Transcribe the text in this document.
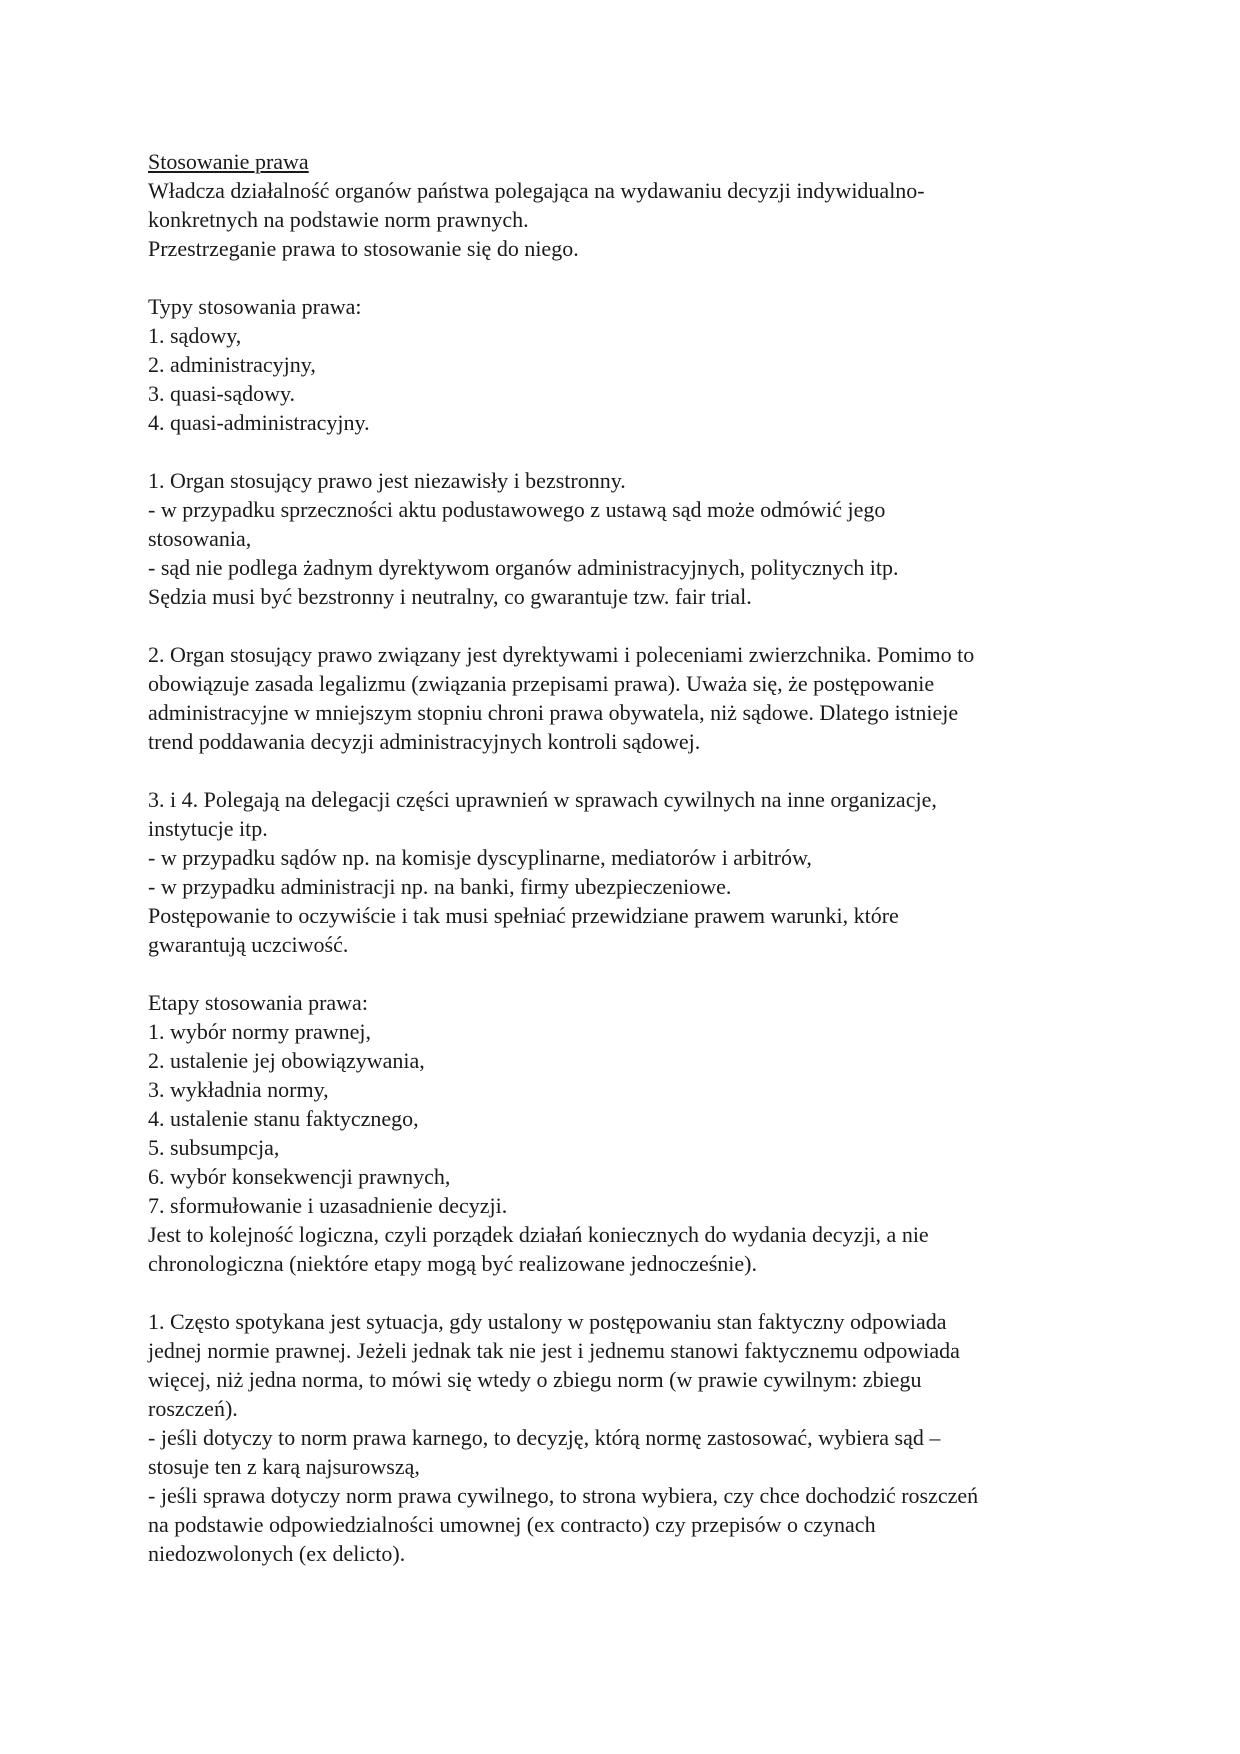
Stosowanie prawa
Władcza działalność organów państwa polegająca na wydawaniu decyzji indywidualno-
konkretnych na podstawie norm prawnych.
Przestrzeganie prawa to stosowanie się do niego.
Typy stosowania prawa:
1. sądowy,
2. administracyjny,
3. quasi-sądowy.
4. quasi-administracyjny.
1. Organ stosujący prawo jest niezawisły i bezstronny.
- w przypadku sprzeczności aktu podustawowego z ustawą sąd może odmówić jego
stosowania,
- sąd nie podlega żadnym dyrektywom organów administracyjnych, politycznych itp.
Sędzia musi być bezstronny i neutralny, co gwarantuje tzw. fair trial.
2. Organ stosujący prawo związany jest dyrektywami i poleceniami zwierzchnika. Pomimo to
obowiązuje zasada legalizmu (związania przepisami prawa). Uważa się, że postępowanie
administracyjne w mniejszym stopniu chroni prawa obywatela, niż sądowe. Dlatego istnieje
trend poddawania decyzji administracyjnych kontroli sądowej.
3. i 4. Polegają na delegacji części uprawnień w sprawach cywilnych na inne organizacje,
instytucje itp.
- w przypadku sądów np. na komisje dyscyplinarne, mediatorów i arbitrów,
- w przypadku administracji np. na banki, firmy ubezpieczeniowe.
Postępowanie to oczywiście i tak musi spełniać przewidziane prawem warunki, które
gwarantują uczciwość.
Etapy stosowania prawa:
1. wybór normy prawnej,
2. ustalenie jej obowiązywania,
3. wykładnia normy,
4. ustalenie stanu faktycznego,
5. subsumpcja,
6. wybór konsekwencji prawnych,
7. sformułowanie i uzasadnienie decyzji.
Jest to kolejność logiczna, czyli porządek działań koniecznych do wydania decyzji, a nie
chronologiczna (niektóre etapy mogą być realizowane jednocześnie).
1. Często spotykana jest sytuacja, gdy ustalony w postępowaniu stan faktyczny odpowiada
jednej normie prawnej. Jeżeli jednak tak nie jest i jednemu stanowi faktycznemu odpowiada
więcej, niż jedna norma, to mówi się wtedy o zbiegu norm (w prawie cywilnym: zbiegu
roszczeń).
- jeśli dotyczy to norm prawa karnego, to decyzję, którą normę zastosować, wybiera sąd –
stosuje ten z karą najsurowszą,
- jeśli sprawa dotyczy norm prawa cywilnego, to strona wybiera, czy chce dochodzić roszczeń
na podstawie odpowiedzialności umownej (ex contracto) czy przepisów o czynach
niedozwolonych (ex delicto).
